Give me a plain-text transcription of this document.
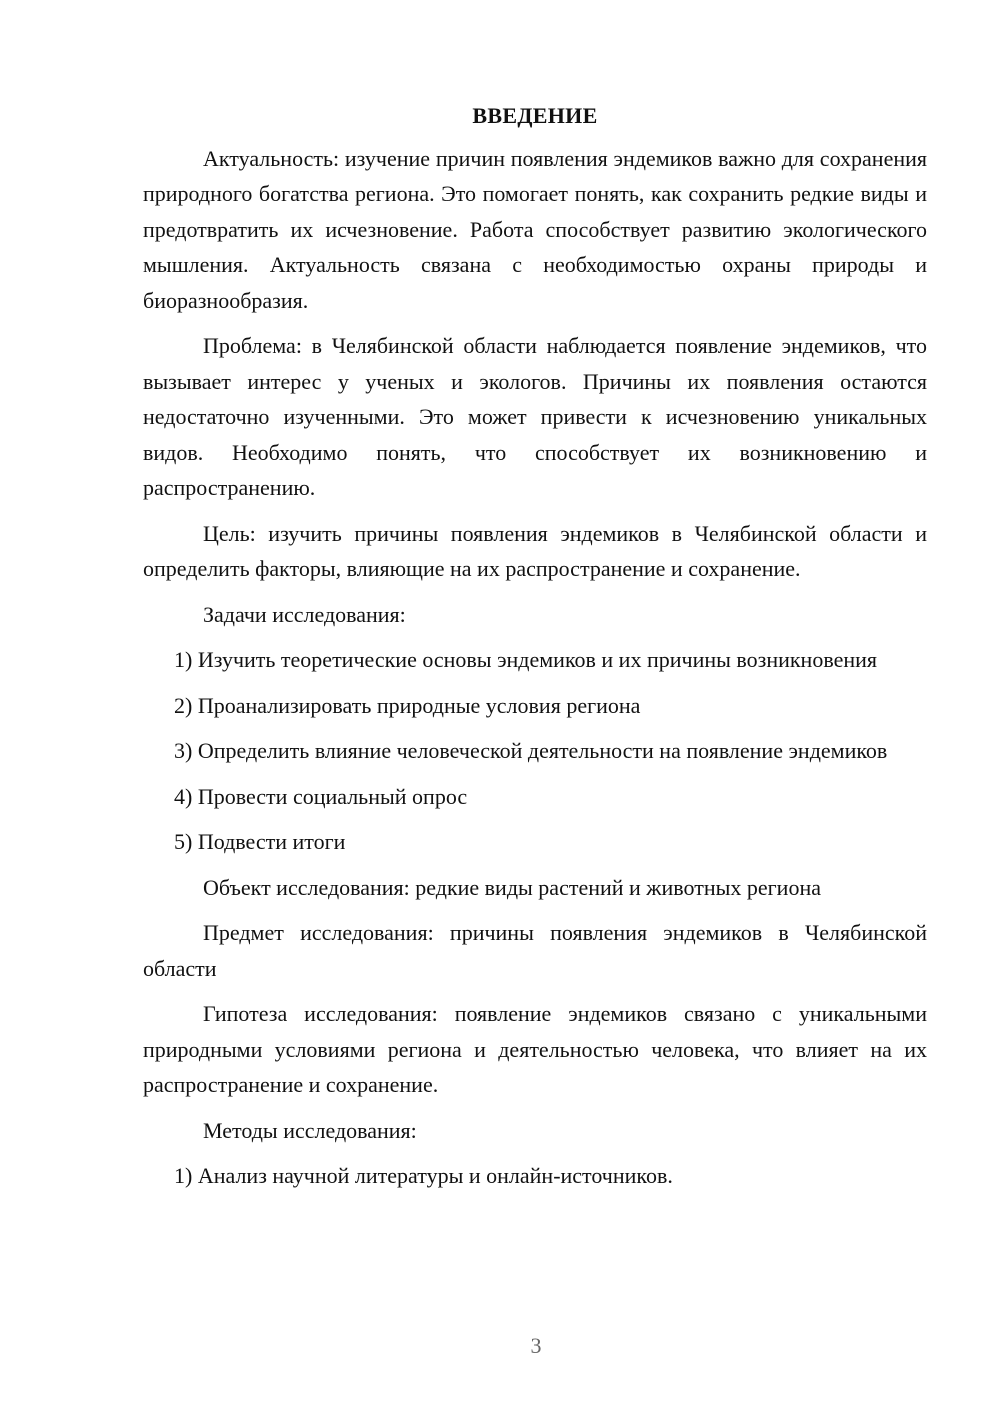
ВВЕДЕНИЕ

Актуальность: изучение причин появления эндемиков важно для сохранения природного богатства региона. Это помогает понять, как сохранить редкие виды и предотвратить их исчезновение. Работа способствует развитию экологического мышления. Актуальность связана с необходимостью охраны природы и биоразнообразия.

Проблема: в Челябинской области наблюдается появление эндемиков, что вызывает интерес у ученых и экологов. Причины их появления остаются недостаточно изученными. Это может привести к исчезновению уникальных видов. Необходимо понять, что способствует их возникновению и распространению.

Цель: изучить причины появления эндемиков в Челябинской области и определить факторы, влияющие на их распространение и сохранение.

Задачи исследования:

1) Изучить теоретические основы эндемиков и их причины возникновения

2) Проанализировать природные условия региона

3) Определить влияние человеческой деятельности на появление эндемиков

4) Провести социальный опрос

5) Подвести итоги

Объект исследования: редкие виды растений и животных региона

Предмет исследования: причины появления эндемиков в Челябинской области

Гипотеза исследования: появление эндемиков связано с уникальными природными условиями региона и деятельностью человека, что влияет на их распространение и сохранение.

Методы исследования:

1) Анализ научной литературы и онлайн-источников.

3
